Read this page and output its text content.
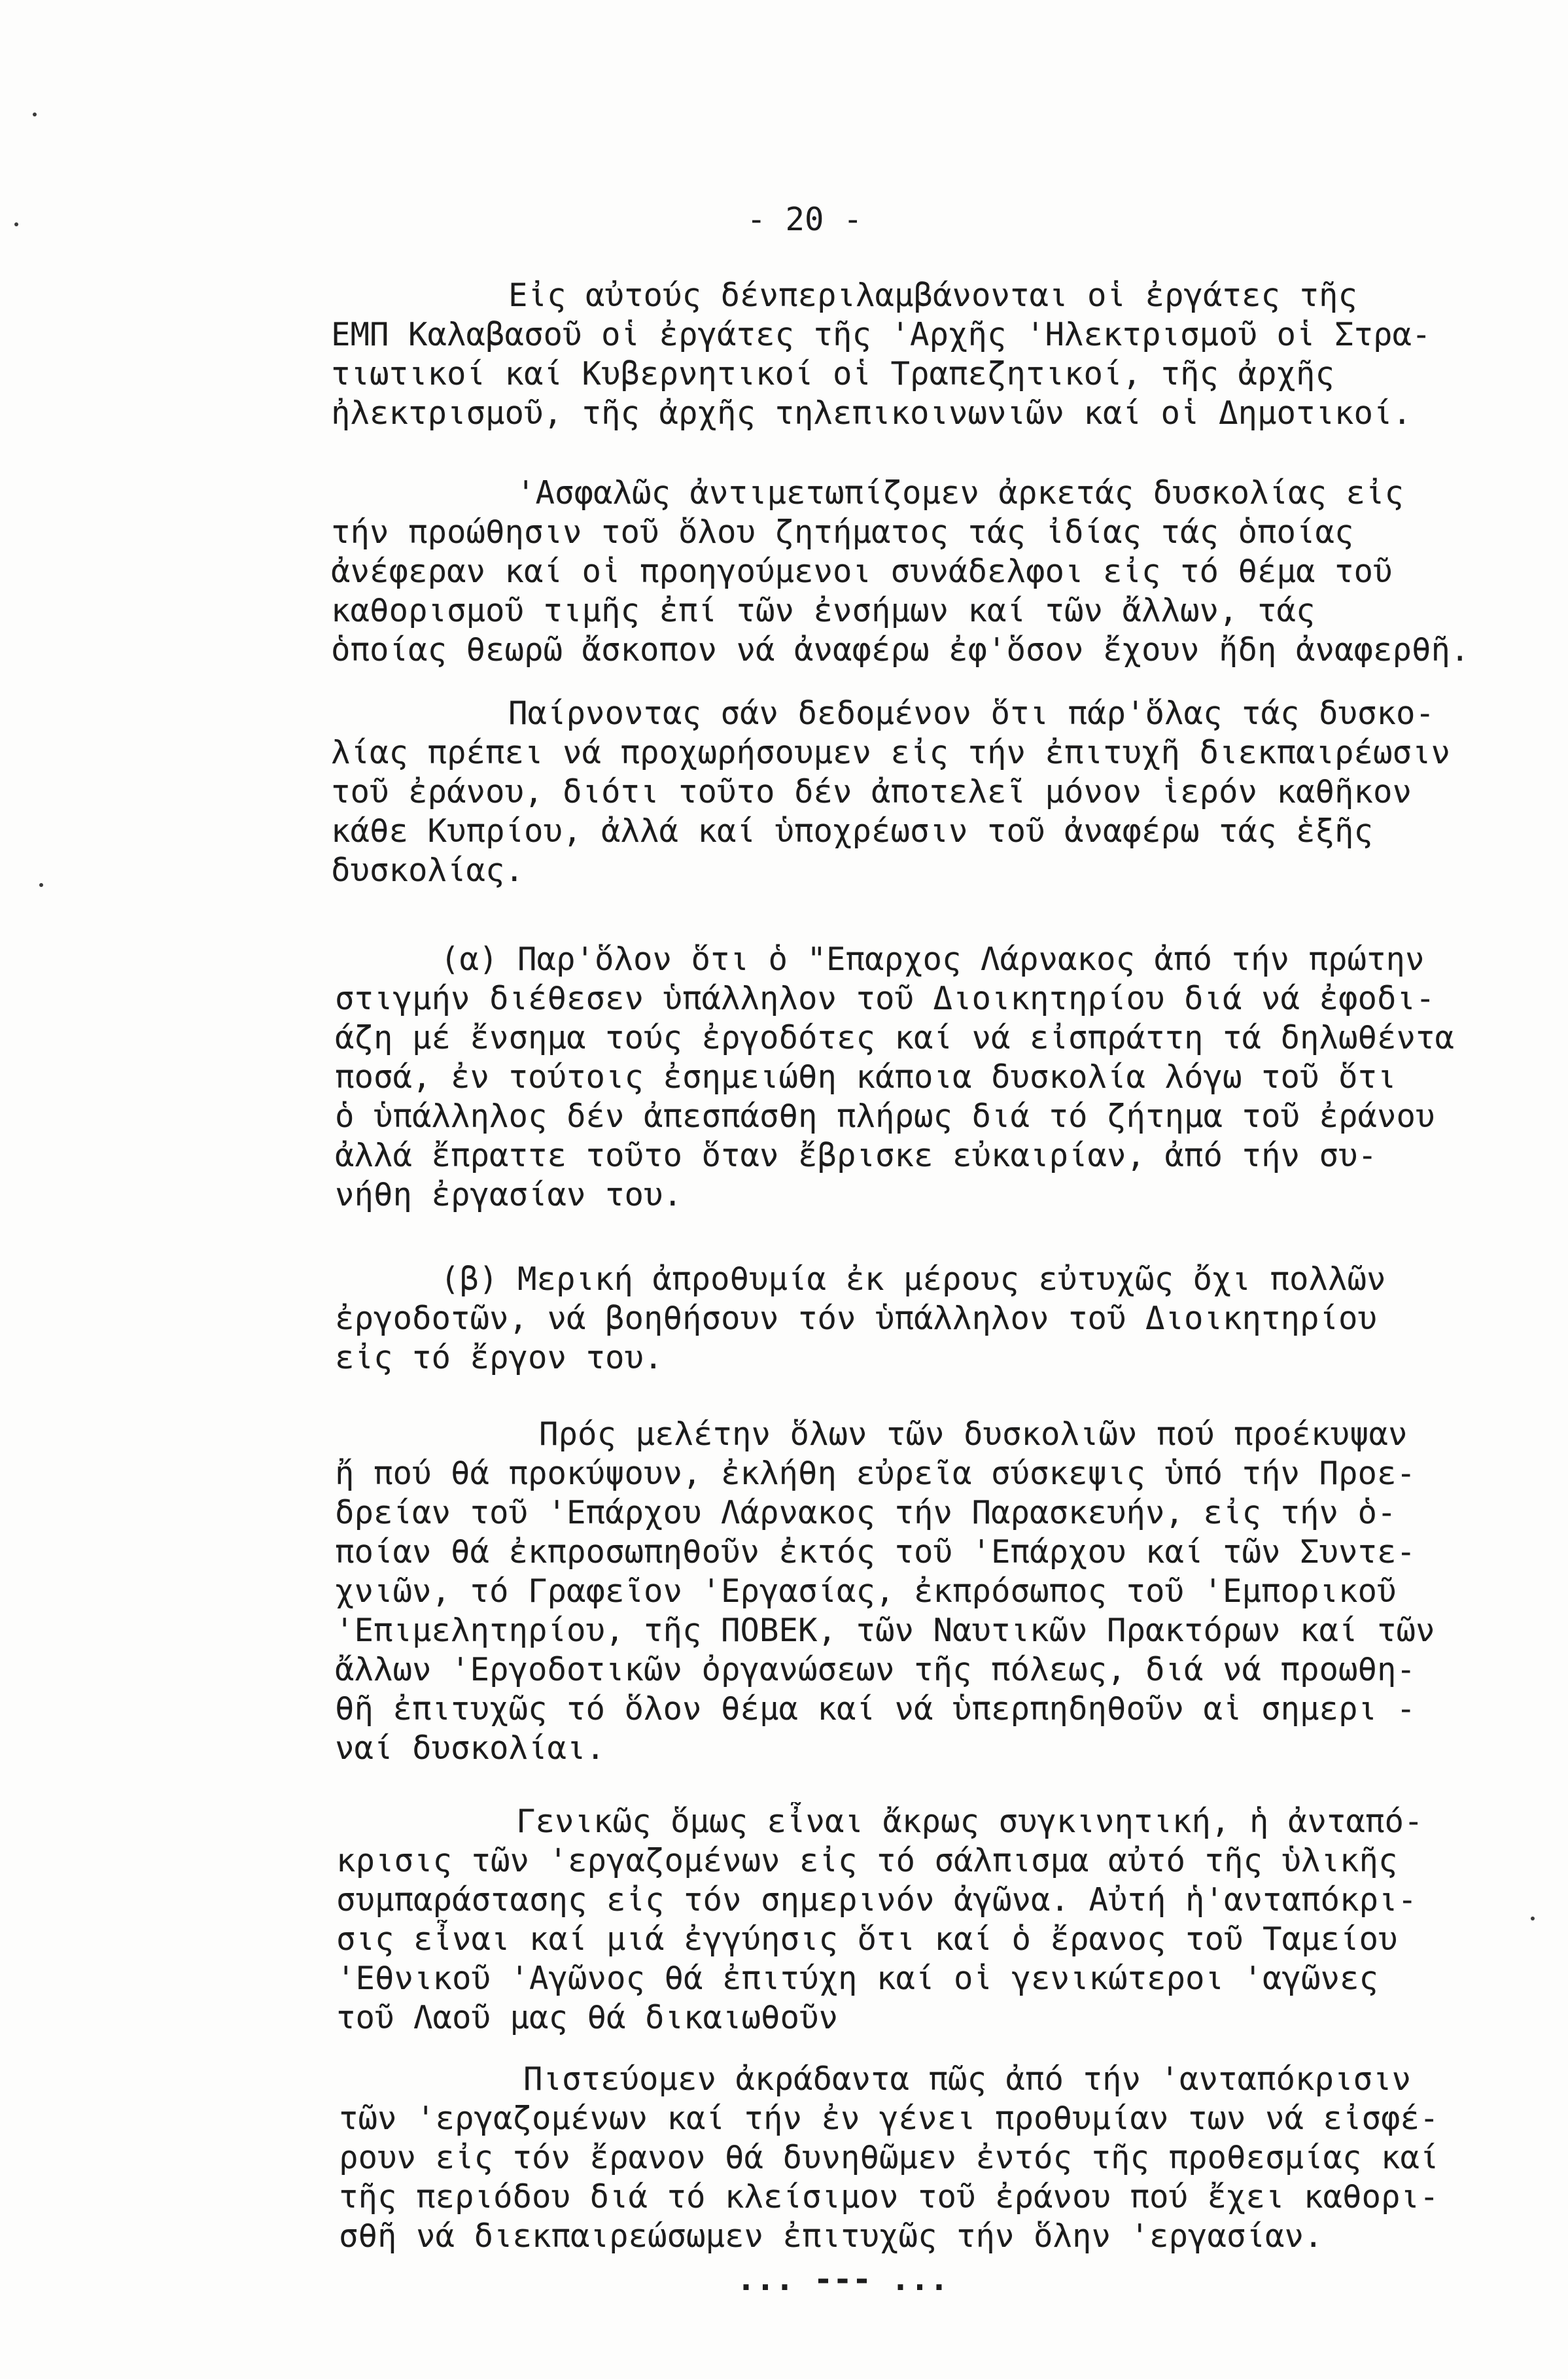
- 20 -
Εἰς αὐτούς δένπεριλαμβάνονται οἱ ἐργάτες τῆς
ΕΜΠ Καλαβασοῦ οἱ ἐργάτες τῆς 'Αρχῆς 'Ηλεκτρισμοῦ οἱ Στρα-
τιωτικοί καί Κυβερνητικοί οἱ Τραπεζητικοί, τῆς ἀρχῆς
ἠλεκτρισμοῦ, τῆς ἀρχῆς τηλεπικοινωνιῶν καί οἱ Δημοτικοί.
'Ασφαλῶς ἀντιμετωπίζομεν ἀρκετάς δυσκολίας εἰς
τήν προώθησιν τοῦ ὅλου ζητήματος τάς ἰδίας τάς ὁποίας
ἀνέφεραν καί οἱ προηγούμενοι συνάδελφοι εἰς τό θέμα τοῦ
καθορισμοῦ τιμῆς ἐπί τῶν ἐνσήμων καί τῶν ἄλλων, τάς
ὁποίας θεωρῶ ἄσκοπον νά ἀναφέρω ἐφ'ὅσον ἔχουν ἤδη ἀναφερθῆ.
Παίρνοντας σάν δεδομένον ὅτι πάρ'ὅλας τάς δυσκο-
λίας πρέπει νά προχωρήσουμεν εἰς τήν ἐπιτυχῆ διεκπαιρέωσιν
τοῦ ἐράνου, διότι τοῦτο δέν ἀποτελεῖ μόνον ἱερόν καθῆκον
κάθε Κυπρίου, ἀλλά καί ὑποχρέωσιν τοῦ ἀναφέρω τάς ἑξῆς
δυσκολίας.
(α) Παρ'ὅλον ὅτι ὁ "Επαρχος Λάρνακος ἀπό τήν πρώτην
στιγμήν διέθεσεν ὑπάλληλον τοῦ Διοικητηρίου διά νά ἐφοδι-
άζη μέ ἔνσημα τούς ἐργοδότες καί νά εἰσπράττη τά δηλωθέντα
ποσά, ἐν τούτοις ἐσημειώθη κάποια δυσκολία λόγω τοῦ ὅτι
ὁ ὑπάλληλος δέν ἀπεσπάσθη πλήρως διά τό ζήτημα τοῦ ἐράνου
ἀλλά ἔπραττε τοῦτο ὅταν ἔβρισκε εὐκαιρίαν, ἀπό τήν συ-
νήθη ἐργασίαν του.
(β) Μερική ἀπροθυμία ἐκ μέρους εὐτυχῶς ὄχι πολλῶν
ἐργοδοτῶν, νά βοηθήσουν τόν ὑπάλληλον τοῦ Διοικητηρίου
εἰς τό ἔργον του.
Πρός μελέτην ὅλων τῶν δυσκολιῶν πού προέκυψαν
ἤ πού θά προκύψουν, ἐκλήθη εὐρεῖα σύσκεψις ὑπό τήν Προε-
δρείαν τοῦ 'Επάρχου Λάρνακος τήν Παρασκευήν, εἰς τήν ὁ-
ποίαν θά ἐκπροσωπηθοῦν ἐκτός τοῦ 'Επάρχου καί τῶν Συντε-
χνιῶν, τό Γραφεῖον 'Εργασίας, ἐκπρόσωπος τοῦ 'Εμπορικοῦ
'Επιμελητηρίου, τῆς ΠΟΒΕΚ, τῶν Ναυτικῶν Πρακτόρων καί τῶν
ἄλλων 'Εργοδοτικῶν ὀργανώσεων τῆς πόλεως, διά νά προωθη-
θῆ ἐπιτυχῶς τό ὅλον θέμα καί νά ὑπερπηδηθοῦν αἱ σημερι -
ναί δυσκολίαι.
Γενικῶς ὅμως εἶναι ἄκρως συγκινητική, ἡ ἀνταπό-
κρισις τῶν 'εργαζομένων εἰς τό σάλπισμα αὐτό τῆς ὑλικῆς
συμπαράστασης εἰς τόν σημερινόν ἀγῶνα. Αὐτή ἡ'ανταπόκρι-
σις εἶναι καί μιά ἐγγύησις ὅτι καί ὁ ἔρανος τοῦ Ταμείου
'Εθνικοῦ 'Αγῶνος θά ἐπιτύχη καί οἱ γενικώτεροι 'αγῶνες
τοῦ Λαοῦ μας θά δικαιωθοῦν
Πιστεύομεν ἀκράδαντα πῶς ἀπό τήν 'ανταπόκρισιν
τῶν 'εργαζομένων καί τήν ἐν γένει προθυμίαν των νά εἰσφέ-
ρουν εἰς τόν ἔρανον θά δυνηθῶμεν ἐντός τῆς προθεσμίας καί
τῆς περιόδου διά τό κλείσιμον τοῦ ἐράνου πού ἔχει καθορι-
σθῆ νά διεκπαιρεώσωμεν ἐπιτυχῶς τήν ὅλην 'εργασίαν.
... --- ...
